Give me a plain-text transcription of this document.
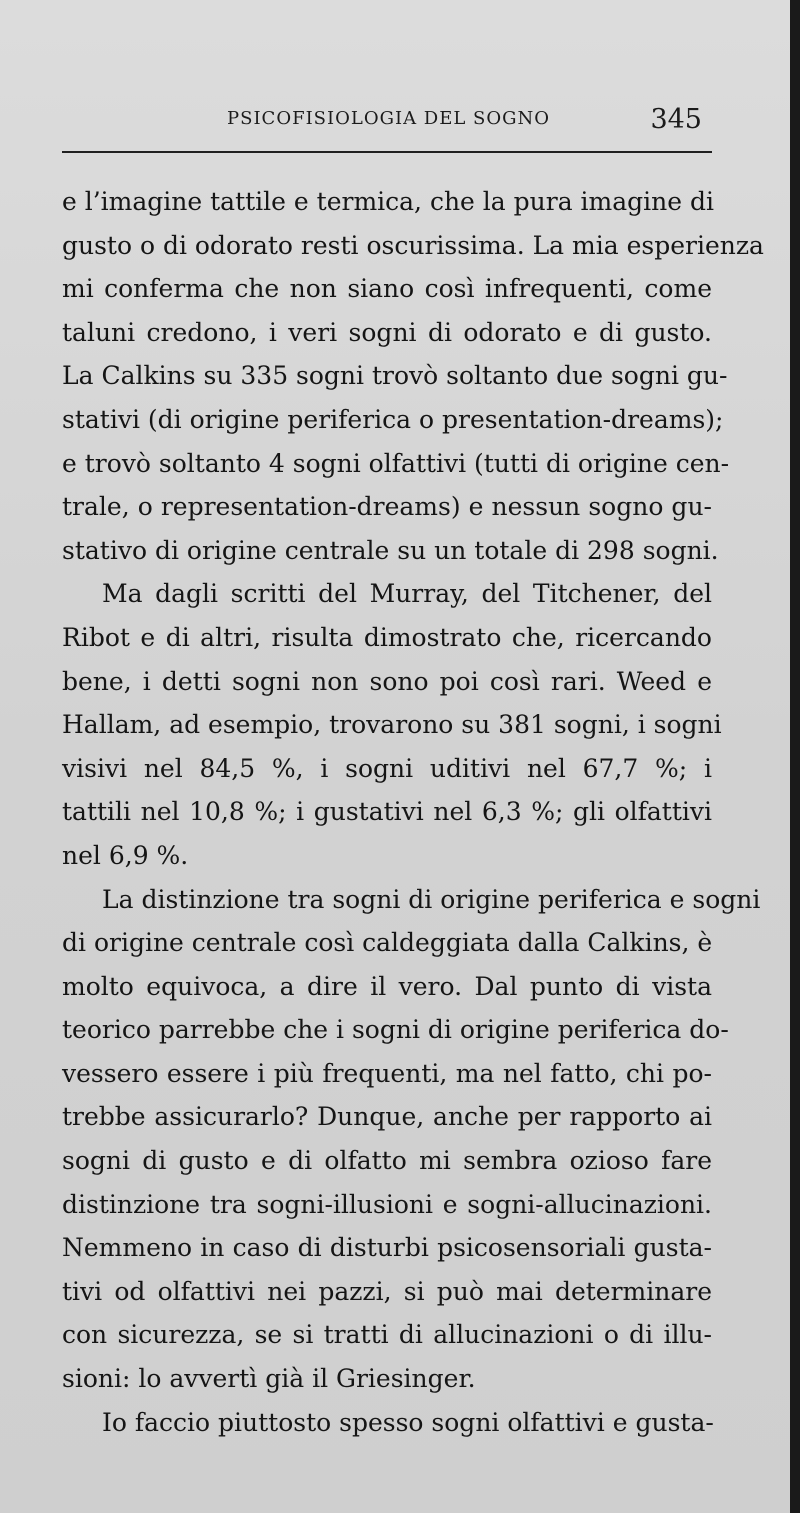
PSICOFISIOLOGIA DEL SOGNO	345
e l’imagine tattile e termica, che la pura imagine di
gusto o di odorato resti oscurissima. La mia esperienza
mi conferma che non siano così infrequenti, come
taluni credono, i veri sogni di odorato e di gusto.
La Calkins su 335 sogni trovò soltanto due sogni gu-
stativi (di origine periferica o presentation-dreams);
e trovò soltanto 4 sogni olfattivi (tutti di origine cen-
trale, o representation-dreams) e nessun sogno gu-
stativo di origine centrale su un totale di 298 sogni.
Ma dagli scritti del Murray, del Titchener, del
Ribot e di altri, risulta dimostrato che, ricercando
bene, i detti sogni non sono poi così rari. Weed e
Hallam, ad esempio, trovarono su 381 sogni, i sogni
visivi nel 84,5 %, i sogni uditivi nel 67,7 %; i
tattili nel 10,8 %; i gustativi nel 6,3 %; gli olfattivi
nel 6,9 %.
La distinzione tra sogni di origine periferica e sogni
di origine centrale così caldeggiata dalla Calkins, è
molto equivoca, a dire il vero. Dal punto di vista
teorico parrebbe che i sogni di origine periferica do-
vessero essere i più frequenti, ma nel fatto, chi po-
trebbe assicurarlo? Dunque, anche per rapporto ai
sogni di gusto e di olfatto mi sembra ozioso fare
distinzione tra sogni-illusioni e sogni-allucinazioni.
Nemmeno in caso di disturbi psicosensoriali gusta-
tivi od olfattivi nei pazzi, si può mai determinare
con sicurezza, se si tratti di allucinazioni o di illu-
sioni: lo avvertì già il Griesinger.
Io faccio piuttosto spesso sogni olfattivi e gusta-
